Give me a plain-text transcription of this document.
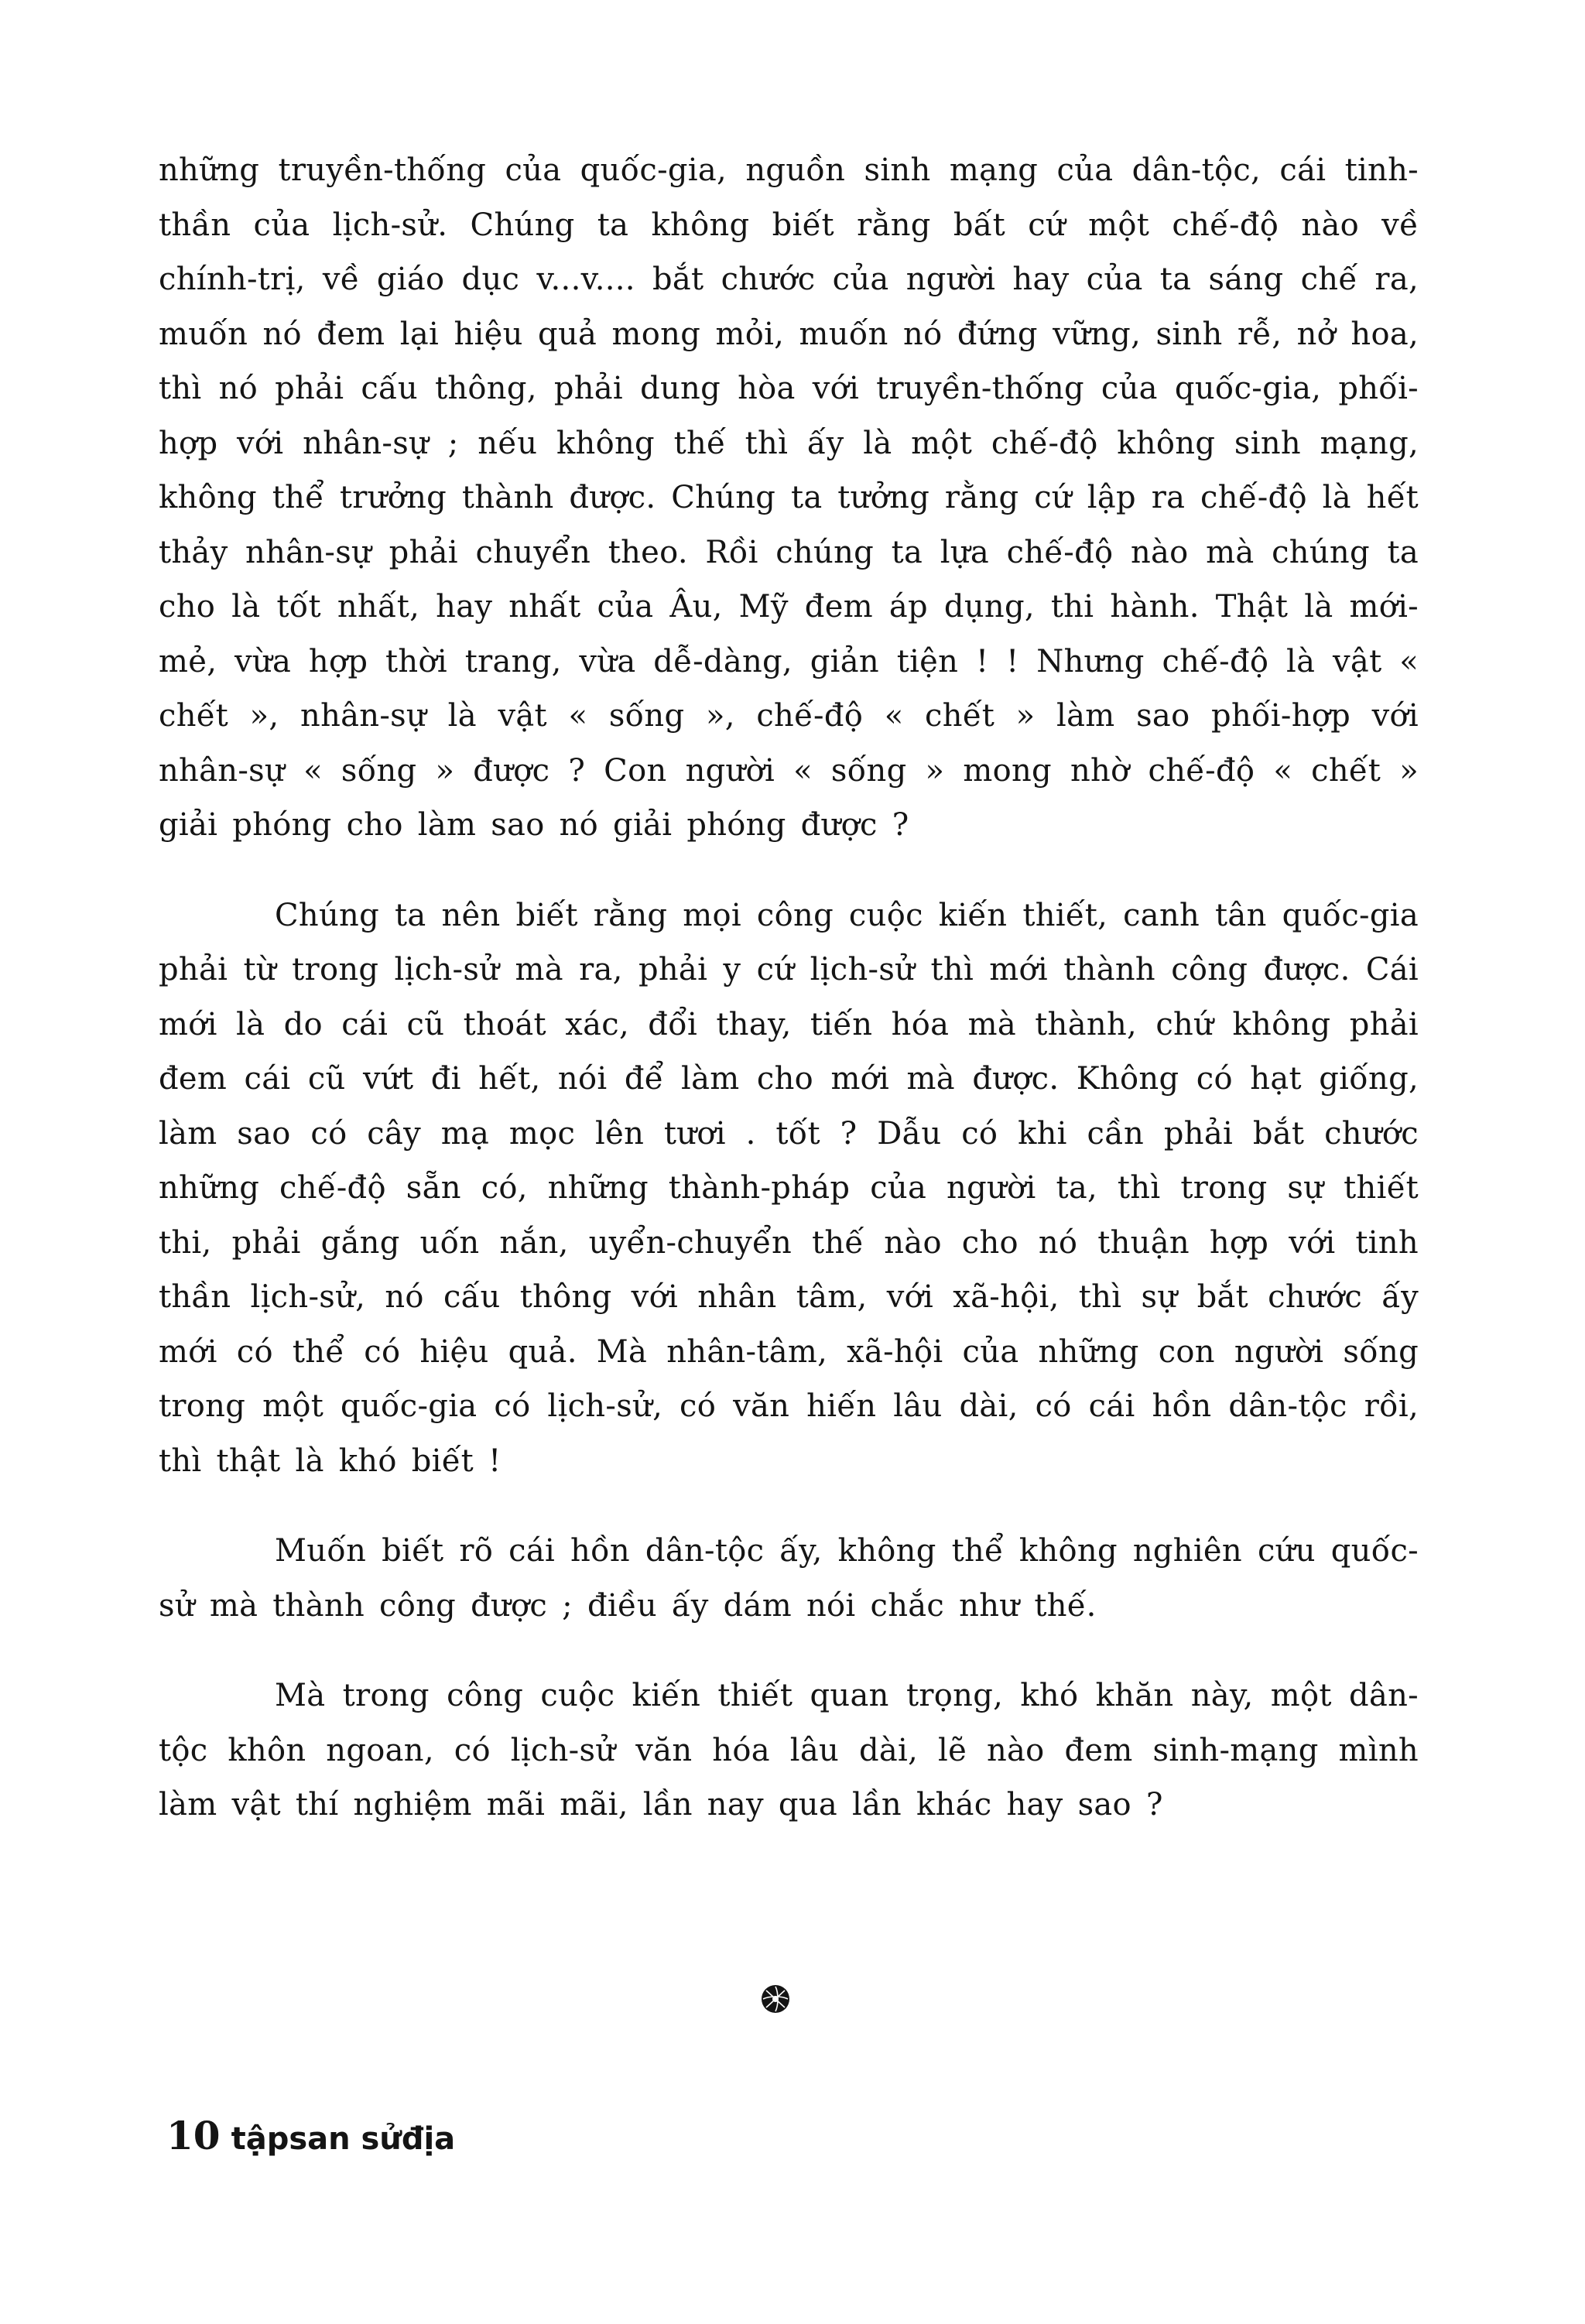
những truyền-thống của quốc-gia, nguồn sinh mạng của dân-tộc, cái tinh-thần của lịch-sử. Chúng ta không biết rằng bất cứ một chế-độ nào về chính-trị, về giáo dục v...v.... bắt chước của người hay của ta sáng chế ra, muốn nó đem lại hiệu quả mong mỏi, muốn nó đứng vững, sinh rễ, nở hoa, thì nó phải cấu thông, phải dung hòa với truyền-thống của quốc-gia, phối-hợp với nhân-sự ; nếu không thế thì ấy là một chế-độ không sinh mạng, không thể trưởng thành được. Chúng ta tưởng rằng cứ lập ra chế-độ là hết thảy nhân-sự phải chuyển theo. Rồi chúng ta lựa chế-độ nào mà chúng ta cho là tốt nhất, hay nhất của Âu, Mỹ đem áp dụng, thi hành. Thật là mới-mẻ, vừa hợp thời trang, vừa dễ-dàng, giản tiện ! ! Nhưng chế-độ là vật « chết », nhân-sự là vật « sống », chế-độ « chết » làm sao phối-hợp với nhân-sự « sống » được ? Con người « sống » mong nhờ chế-độ « chết » giải phóng cho làm sao nó giải phóng được ?

Chúng ta nên biết rằng mọi công cuộc kiến thiết, canh tân quốc-gia phải từ trong lịch-sử mà ra, phải y cứ lịch-sử thì mới thành công được. Cái mới là do cái cũ thoát xác, đổi thay, tiến hóa mà thành, chứ không phải đem cái cũ vứt đi hết, nói để làm cho mới mà được. Không có hạt giống, làm sao có cây mạ mọc lên tươi . tốt ? Dẫu có khi cần phải bắt chước những chế-độ sẵn có, những thành-pháp của người ta, thì trong sự thiết thi, phải gắng uốn nắn, uyển-chuyển thế nào cho nó thuận hợp với tinh thần lịch-sử, nó cấu thông với nhân tâm, với xã-hội, thì sự bắt chước ấy mới có thể có hiệu quả. Mà nhân-tâm, xã-hội của những con người sống trong một quốc-gia có lịch-sử, có văn hiến lâu dài, có cái hồn dân-tộc rồi, thì thật là khó biết !

Muốn biết rõ cái hồn dân-tộc ấy, không thể không nghiên cứu quốc-sử mà thành công được ; điều ấy dám nói chắc như thế.

Mà trong công cuộc kiến thiết quan trọng, khó khăn này, một dân-tộc khôn ngoan, có lịch-sử văn hóa lâu dài, lẽ nào đem sinh-mạng mình làm vật thí nghiệm mãi mãi, lần nay qua lần khác hay sao ?

10 tậpsan sửđịa
